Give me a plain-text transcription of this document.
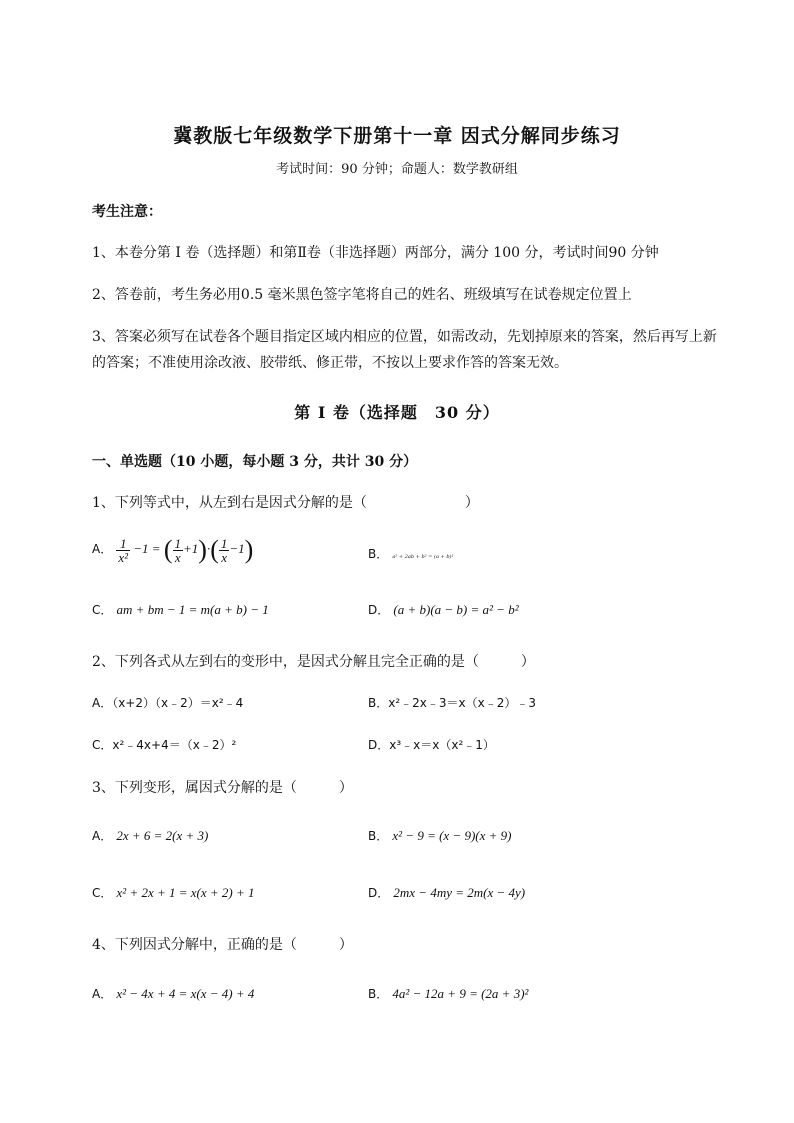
冀教版七年级数学下册第十一章 因式分解同步练习
考试时间：90 分钟；命题人：数学教研组
考生注意：
1、本卷分第 I 卷（选择题）和第Ⅱ卷（非选择题）两部分，满分 100 分，考试时间90 分钟
2、答卷前，考生务必用0.5 毫米黑色签字笔将自己的姓名、班级填写在试卷规定位置上
3、答案必须写在试卷各个题目指定区域内相应的位置，如需改动，先划掉原来的答案，然后再写上新
的答案；不准使用涂改液、胶带纸、修正带，不按以上要求作答的答案无效。
第 I 卷（选择题　30 分）
一、单选题（10 小题，每小题 3 分，共计 30 分）
1、下列等式中，从左到右是因式分解的是（　　　　　　　）
A． $\frac{1}{\text{x²}} -1$ = ( $\frac{1}{x} +1)\cdot( \frac{1}{x} -1)$	B． a² + 2ab + b² = (a + b)²
C． am + bm − 1 = m(a + b) − 1	D． (a + b)(a − b) = a² − b²
2、下列各式从左到右的变形中，是因式分解且完全正确的是（　　　）
A．（x+2）（x﹣2）＝x²﹣4	B．x²﹣2x﹣3＝x（x﹣2）﹣3
C．x²﹣4x+4＝（x﹣2）²	D．x³﹣x＝x（x²﹣1）
3、下列变形，属因式分解的是（　　　）
A． 2x + 6 = 2(x + 3)	B． x² − 9 = (x − 9)(x + 9)
C． x² + 2x + 1 = x(x + 2) + 1	D． 2mx − 4my = 2m(x − 4y)
4、下列因式分解中，正确的是（　　　）
A． x² − 4x + 4 = x(x − 4) + 4	B． 4a² − 12a + 9 = (2a + 3)²
